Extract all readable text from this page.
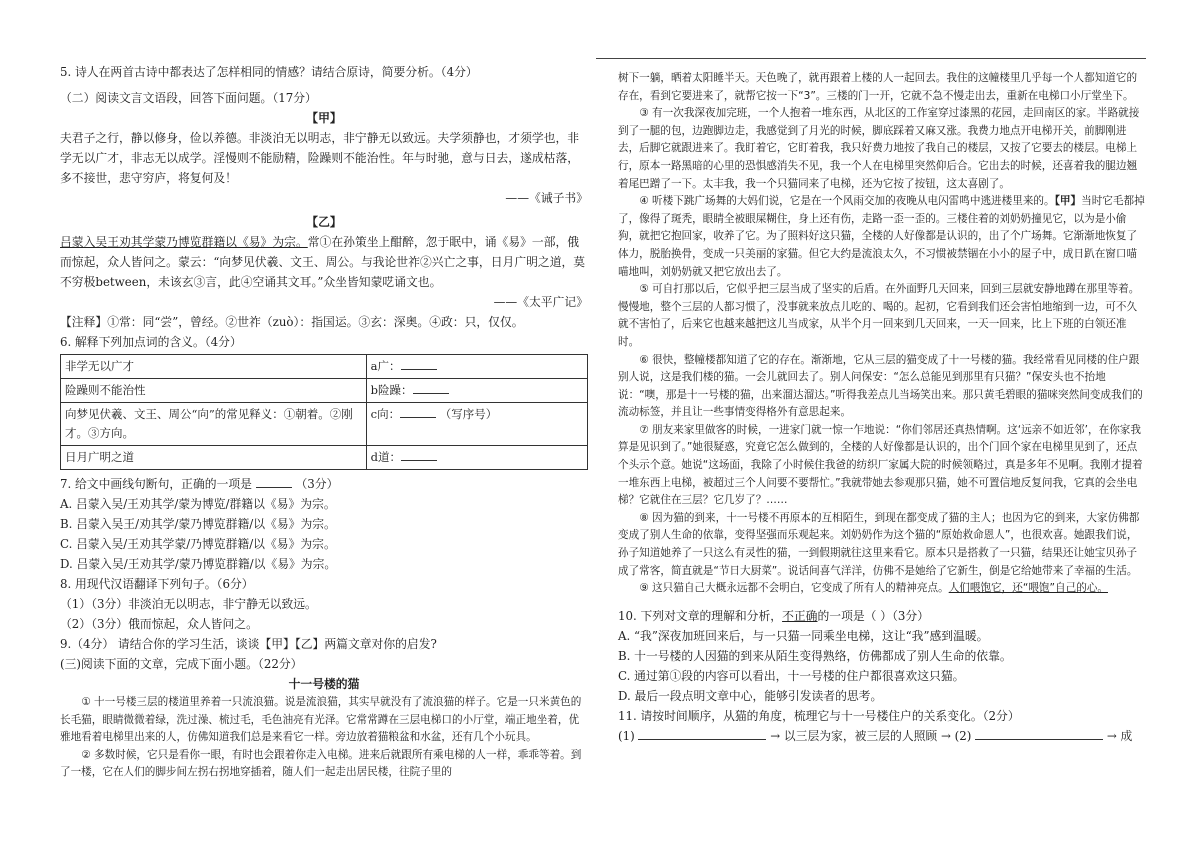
5. 诗人在两首古诗中都表达了怎样相同的情感？请结合原诗，简要分析。（4分）

（二）阅读文言文语段，回答下面问题。（17分）

【甲】

夫君子之行，静以修身，俭以养德。非淡泊无以明志，非宁静无以致远。夫学须静也，才须学也，非学无以广才，非志无以成学。淫慢则不能励精，险躁则不能治性。年与时驰，意与日去，遂成枯落，多不接世，悲守穷庐，将复何及！

——《诫子书》

【乙】

吕蒙入吴王劝其学蒙乃博览群籍以《易》为宗。常①在孙策坐上酣醉，忽于眠中，诵《易》一部，俄而惊起，众人皆问之。蒙云：“向梦见伏羲、文王、周公。与我论世祚②兴亡之事，日月广明之道，莫不穷极between，未该玄③言，此④空诵其文耳。”众坐皆知蒙呓诵文也。

——《太平广记》

【注释】①常：同“尝”，曾经。②世祚（zuò）：指国运。③玄：深奥。④政：只，仅仅。

6. 解释下列加点词的含义。（4分）

非学无以广才	a广：
险躁则不能治性	b险躁：
向梦见伏羲、文王、周公“向”的常见释义：①朝着。②刚才。③方向。	c向： （写序号）
日月广明之道	d道：

7. 给文中画线句断句，正确的一项是	（3分）

A. 吕蒙入吴/王劝其学/蒙为博览/群籍以《易》为宗。

B. 吕蒙入吴王/劝其学/蒙乃博览群籍/以《易》为宗。

C. 吕蒙入吴/王劝其学蒙/乃博览群籍/以《易》为宗。

D. 吕蒙入吴/王劝其学/蒙乃博览群籍/以《易》为宗。

8. 用现代汉语翻译下列句子。（6分）

（1）（3分）非淡泊无以明志，非宁静无以致远。

（2）（3分）俄而惊起，众人皆问之。

9.（4分） 请结合你的学习生活，谈谈【甲】【乙】两篇文章对你的启发?

(三)阅读下面的文章，完成下面小题。（22分）

十一号楼的猫

① 十一号楼三层的楼道里养着一只流浪猫。说是流浪猫，其实早就没有了流浪猫的样子。它是一只米黄色的长毛猫，眼睛微微着绿，洗过澡、梳过毛，毛色油亮有光泽。它常常蹲在三层电梯口的小厅堂，端正地坐着，优雅地看着电梯里出来的人，仿佛知道我们总是来看它一样。旁边放着猫粮盆和水盆，还有几个小玩具。

② 多数时候，它只是看你一眼，有时也会跟着你走入电梯。进来后就跟所有乘电梯的人一样，乖乖等着。到了一楼，它在人们的脚步间左拐右拐地穿插着，随人们一起走出居民楼，往院子里的

树下一躺，晒着太阳睡半天。天色晚了，就再跟着上楼的人一起回去。我住的这幢楼里几乎每一个人都知道它的存在，看到它要进来了，就帮它按一下“3”。三楼的门一开，它就不急不慢走出去，重新在电梯口小厅堂坐下。

③ 有一次我深夜加完班，一个人抱着一堆东西，从北区的工作室穿过漆黑的花园，走回南区的家。半路就接到了一腿的包，边跑脚边走，我感觉到了月光的时候，脚底踩着又麻又涨。我费力地点开电梯开关，前脚刚进去，后脚它就跟进来了。我盯着它，它盯着我，我只好费力地按了我自己的楼层，又按了它要去的楼层。电梯上行，原本一路黑暗的心里的恐惧感消失不见，我一个人在电梯里突然仰后合。它出去的时候，还喜着我的腿边翘着尾巴蹭了一下。太丰我，我一个只猫同来了电梯，还为它按了按钮，这太喜剧了。

④ 听楼下跳广场舞的大妈们说，它是在一个风雨交加的夜晚从电闪雷鸣中逃进楼里来的。【甲】当时它毛都掉了，像得了斑秃，眼睛全被眼屎糊住，身上还有伤，走路一歪一歪的。三楼住着的刘奶奶撞见它，以为是小偷狗，就把它抱回家，收养了它。为了照料好这只猫，全楼的人好像都是认识的，出了个广场舞。它渐渐地恢复了体力，脱胎换骨，变成一只美丽的家猫。但它大约是流浪太久，不习惯被禁锢在小小的屋子中，成日趴在窗口喵喵地叫，刘奶奶就又把它放出去了。

⑤ 可自打那以后，它似乎把三层当成了坚实的后盾。在外面野几天回来，回到三层就安静地蹲在那里等着。慢慢地，整个三层的人都习惯了，没事就来放点儿吃的、喝的。起初，它看到我们还会害怕地缩到一边，可不久就不害怕了，后来它也越来越把这儿当成家，从半个月一回来到几天回来，一天一回来，比上下班的白领还准时。

⑥ 很快，整幢楼都知道了它的存在。渐渐地，它从三层的猫变成了十一号楼的猫。我经常看见同楼的住户跟别人说，这是我们楼的猫。一会儿就回去了。别人问保安：“怎么总能见到那里有只猫？”保安头也不抬地说：“噢，那是十一号楼的猫，出来溜达溜达。”听得我差点儿当场笑出来。那只黄毛碧眼的猫咪突然间变成我们的流动标签，并且让一些事情变得格外有意思起来。

⑦ 朋友来家里做客的时候，一进家门就一惊一乍地说：“你们邻居还真热情啊。这‘远亲不如近邻’，在你家我算是见识到了。”她很疑惑，究竟它怎么做到的，全楼的人好像都是认识的，出个门回个家在电梯里见到了，还点个头示个意。她说“这场面，我除了小时候住我爸的纺织厂家属大院的时候领略过，真是多年不见啊。我刚才提着一堆东西上电梯，被超过三个人问要不要帮忙。”我就带她去参观那只猫，她不可置信地反复问我，它真的会坐电梯？它就住在三层？它几岁了？……

⑧ 因为猫的到来，十一号楼不再原本的互相陌生，到现在都变成了猫的主人；也因为它的到来，大家仿佛都变成了别人生命的依靠，变得坚强而乐观起来。刘奶奶作为这个猫的“原始救命恩人”，也很欢喜。她跟我们说，孙子知道她养了一只这么有灵性的猫，一到假期就往这里来看它。原本只是搭救了一只猫，结果还让她宝贝孙子成了常客，简直就是“节日大厨菜”。说话间喜气洋洋，仿佛不是她给了它新生，倒是它给她带来了幸福的生活。

⑨ 这只猫自己大概永远都不会明白，它变成了所有人的精神亮点。人们喂饱它，还“喂饱”自己的心。

10. 下列对文章的理解和分析，不正确的一项是（ ）（3分）

A. “我”深夜加班回来后，与一只猫一同乘坐电梯，这让“我”感到温暖。

B. 十一号楼的人因猫的到来从陌生变得熟络，仿佛都成了别人生命的依靠。

C. 通过第①段的内容可以看出，十一号楼的住户都很喜欢这只猫。

D. 最后一段点明文章中心，能够引发读者的思考。

11. 请按时间顺序，从猫的角度，梳理它与十一号楼住户的关系变化。（2分）

(1)	→ 以三层为家，被三层的人照顾 → (2)	→ 成
